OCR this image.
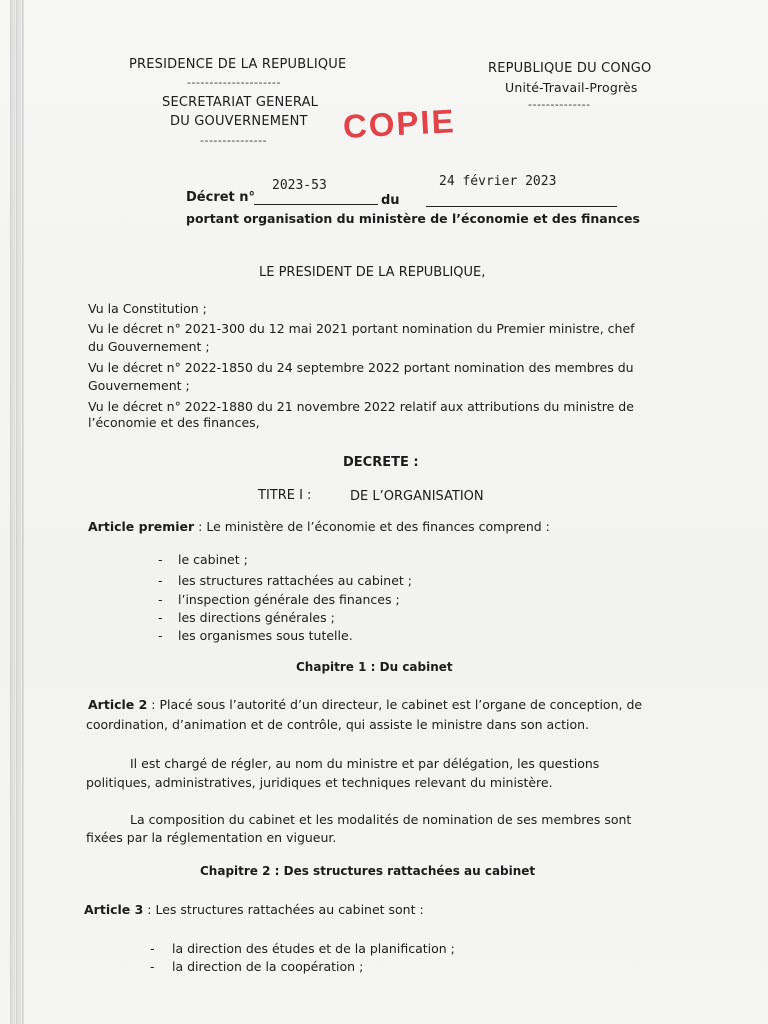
PRESIDENCE DE LA REPUBLIQUE
---------------------
SECRETARIAT GENERAL
DU GOUVERNEMENT
---------------
REPUBLIQUE DU CONGO
Unité-Travail-Progrès
--------------
COPIE
Décret n°
2023-53
du
24 février 2023
portant organisation du ministère de l’économie et des finances
LE PRESIDENT DE LA REPUBLIQUE,
Vu la Constitution ;
Vu le décret n° 2021-300 du 12 mai 2021 portant nomination du Premier ministre, chef
du Gouvernement ;
Vu le décret n° 2022-1850 du 24 septembre 2022 portant nomination des membres du
Gouvernement ;
Vu le décret n° 2022-1880 du 21 novembre 2022 relatif aux attributions du ministre de
l’économie et des finances,
DECRETE :
TITRE I :	DE L’ORGANISATION
Article premier : Le ministère de l’économie et des finances comprend :
- le cabinet ;
- les structures rattachées au cabinet ;
- l’inspection générale des finances ;
- les directions générales ;
- les organismes sous tutelle.
Chapitre 1 : Du cabinet
Article 2 : Placé sous l’autorité d’un directeur, le cabinet est l’organe de conception, de
coordination, d’animation et de contrôle, qui assiste le ministre dans son action.
Il est chargé de régler, au nom du ministre et par délégation, les questions
politiques, administratives, juridiques et techniques relevant du ministère.
La composition du cabinet et les modalités de nomination de ses membres sont
fixées par la réglementation en vigueur.
Chapitre 2 : Des structures rattachées au cabinet
Article 3 : Les structures rattachées au cabinet sont :
- la direction des études et de la planification ;
- la direction de la coopération ;
